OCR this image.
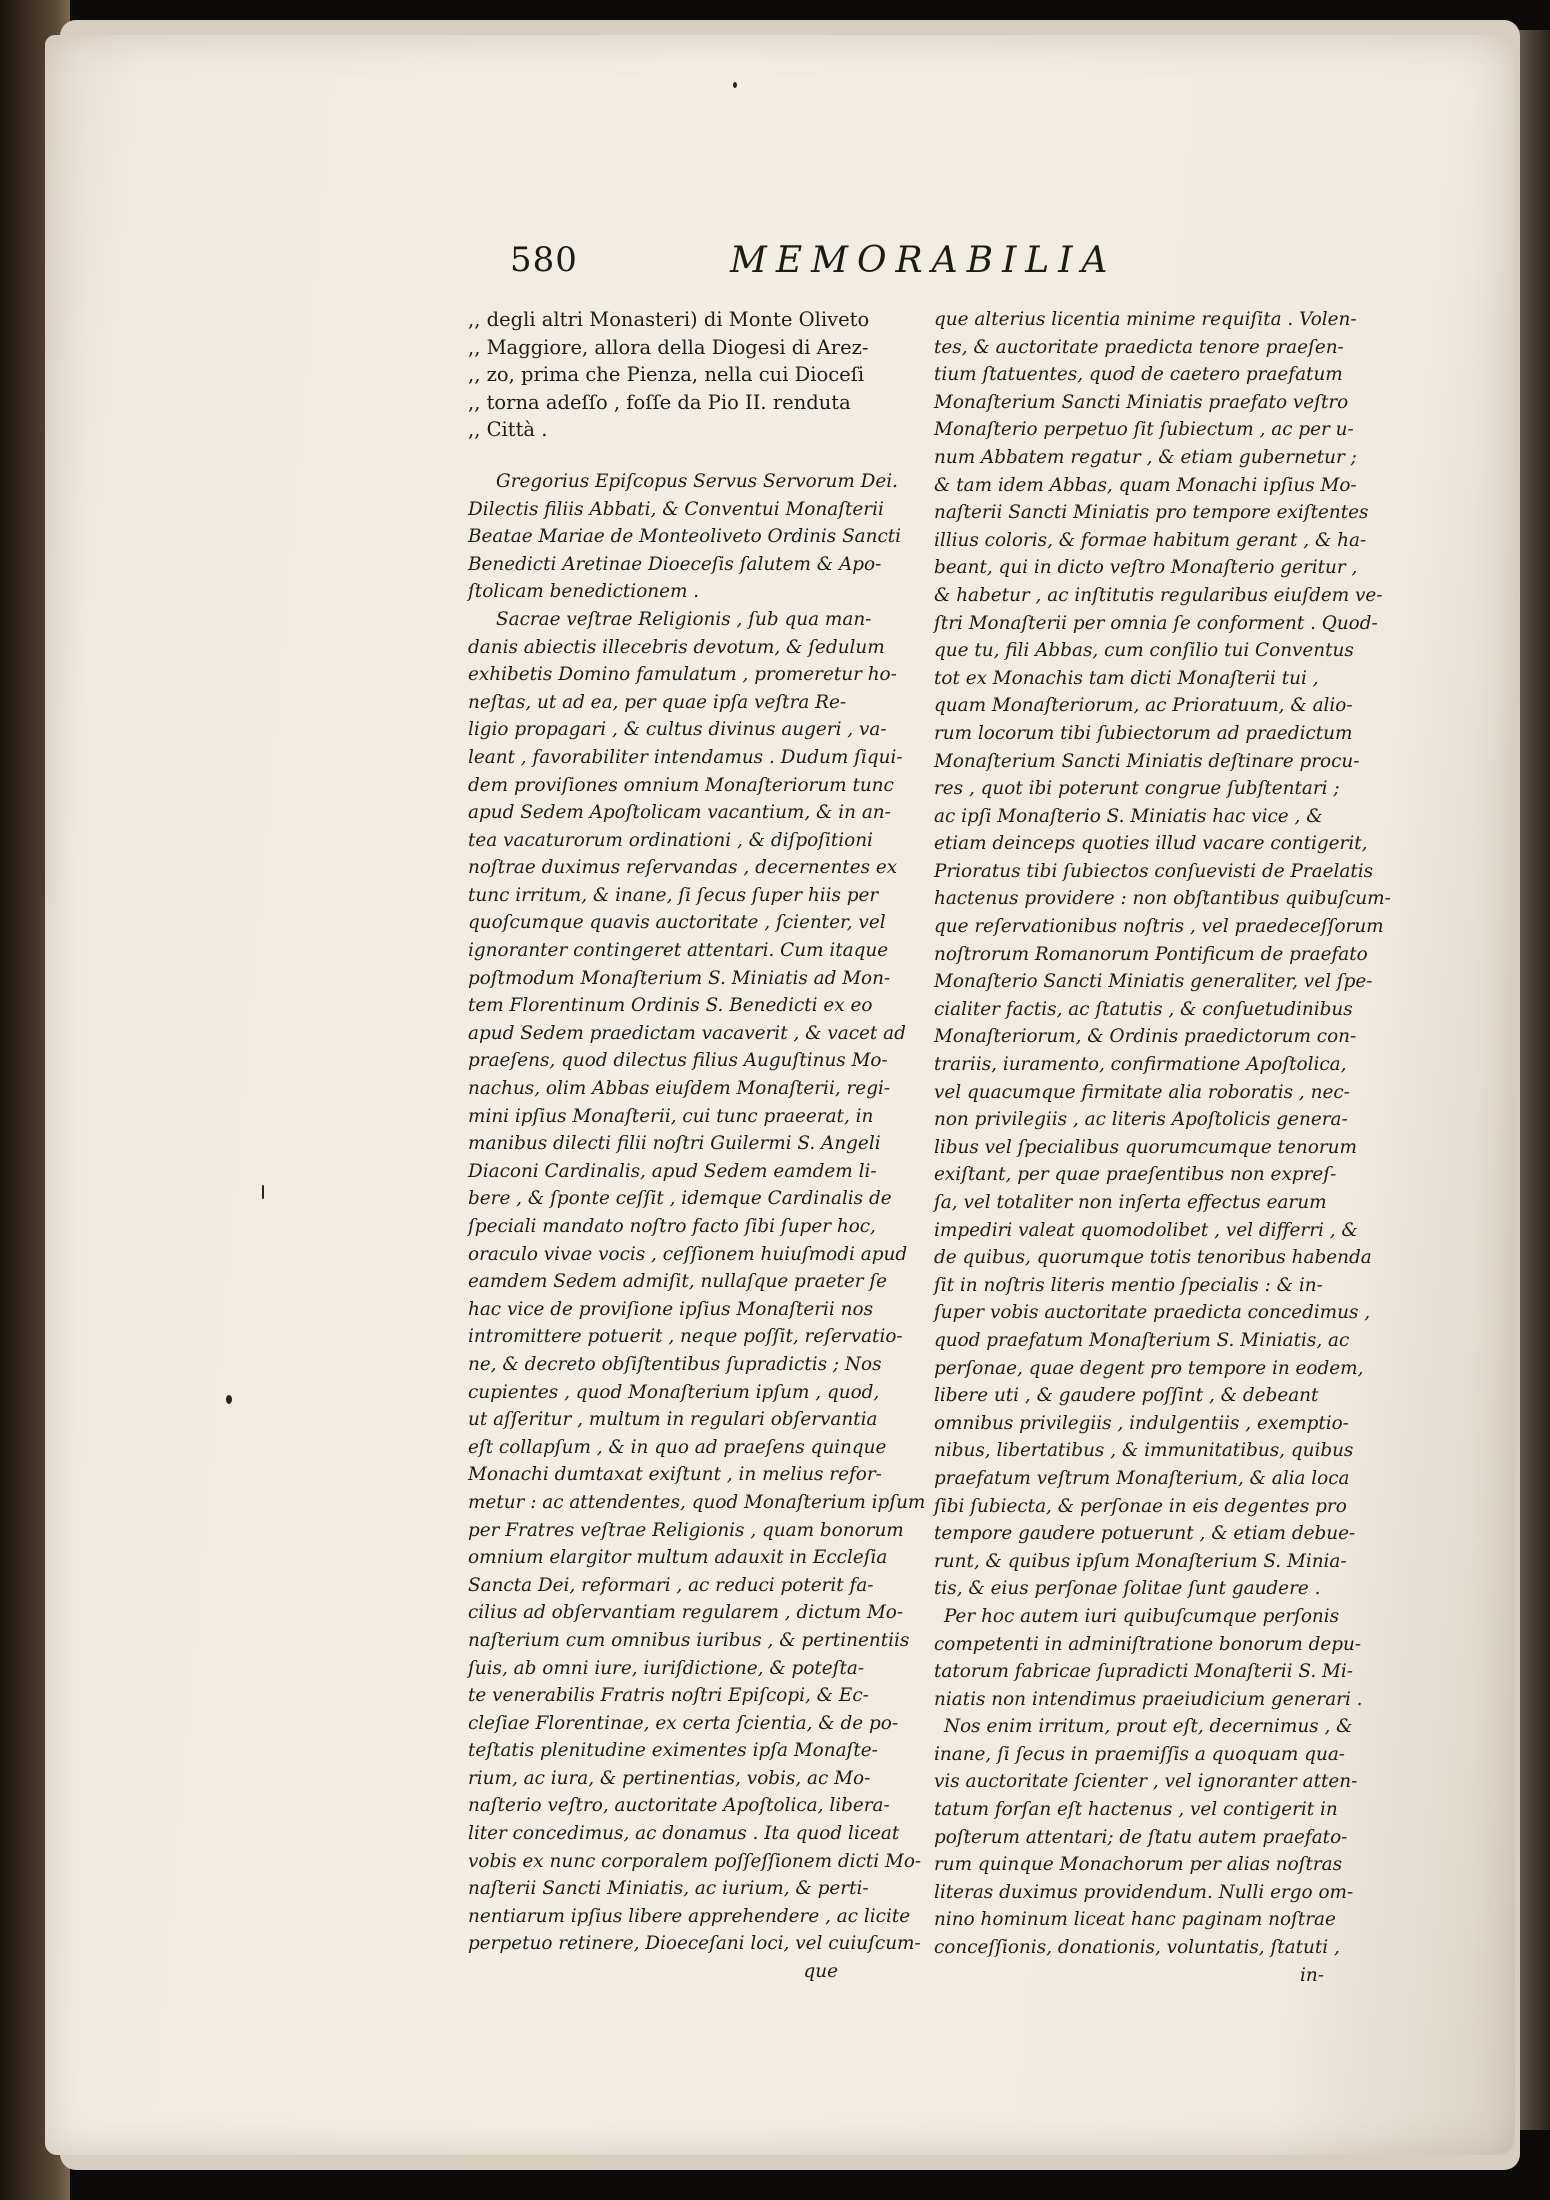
580	MEMORABILIA
,, degli altri Monasteri) di Monte Oliveto
,, Maggiore, allora della Diogesi di Arez-
,, zo, prima che Pienza, nella cui Dioceſi
,, torna adeſſo , foſſe da Pio II. renduta
,, Città .
Gregorius Epiſcopus Servus Servorum Dei.
Dilectis filiis Abbati, & Conventui Monaſterii
Beatae Mariae de Monteoliveto Ordinis Sancti
Benedicti Aretinae Dioeceſis ſalutem & Apo-
ſtolicam benedictionem .
Sacrae veſtrae Religionis , ſub qua man-
danis abiectis illecebris devotum, & ſedulum
exhibetis Domino famulatum , promeretur ho-
neſtas, ut ad ea, per quae ipſa veſtra Re-
ligio propagari , & cultus divinus augeri , va-
leant , favorabiliter intendamus . Dudum ſiqui-
dem proviſiones omnium Monaſteriorum tunc
apud Sedem Apoſtolicam vacantium, & in an-
tea vacaturorum ordinationi , & diſpoſitioni
noſtrae duximus reſervandas , decernentes ex
tunc irritum, & inane, ſi ſecus ſuper hiis per
quoſcumque quavis auctoritate , ſcienter, vel
ignoranter contingeret attentari. Cum itaque
poſtmodum Monaſterium S. Miniatis ad Mon-
tem Florentinum Ordinis S. Benedicti ex eo
apud Sedem praedictam vacaverit , & vacet ad
praeſens, quod dilectus filius Auguſtinus Mo-
nachus, olim Abbas eiuſdem Monaſterii, regi-
mini ipſius Monaſterii, cui tunc praeerat, in
manibus dilecti filii noſtri Guilermi S. Angeli
Diaconi Cardinalis, apud Sedem eamdem li-
bere , & ſponte ceſſit , idemque Cardinalis de
ſpeciali mandato noſtro facto ſibi ſuper hoc,
oraculo vivae vocis , ceſſionem huiuſmodi apud
eamdem Sedem admiſit, nullaſque praeter ſe
hac vice de proviſione ipſius Monaſterii nos
intromittere potuerit , neque poſſit, reſervatio-
ne, & decreto obſiſtentibus ſupradictis ; Nos
cupientes , quod Monaſterium ipſum , quod,
ut aſſeritur , multum in regulari obſervantia
eſt collapſum , & in quo ad praeſens quinque
Monachi dumtaxat exiſtunt , in melius refor-
metur : ac attendentes, quod Monaſterium ipſum
per Fratres veſtrae Religionis , quam bonorum
omnium elargitor multum adauxit in Eccleſia
Sancta Dei, reformari , ac reduci poterit fa-
cilius ad obſervantiam regularem , dictum Mo-
naſterium cum omnibus iuribus , & pertinentiis
ſuis, ab omni iure, iuriſdictione, & poteſta-
te venerabilis Fratris noſtri Epiſcopi, & Ec-
cleſiae Florentinae, ex certa ſcientia, & de po-
teſtatis plenitudine eximentes ipſa Monaſte-
rium, ac iura, & pertinentias, vobis, ac Mo-
naſterio veſtro, auctoritate Apoſtolica, libera-
liter concedimus, ac donamus . Ita quod liceat
vobis ex nunc corporalem poſſeſſionem dicti Mo-
naſterii Sancti Miniatis, ac iurium, & perti-
nentiarum ipſius libere apprehendere , ac licite
perpetuo retinere, Dioeceſani loci, vel cuiuſcum-
que
que alterius licentia minime requiſita . Volen-
tes, & auctoritate praedicta tenore praeſen-
tium ſtatuentes, quod de caetero praefatum
Monaſterium Sancti Miniatis praefato veſtro
Monaſterio perpetuo ſit ſubiectum , ac per u-
num Abbatem regatur , & etiam gubernetur ;
& tam idem Abbas, quam Monachi ipſius Mo-
naſterii Sancti Miniatis pro tempore exiſtentes
illius coloris, & formae habitum gerant , & ha-
beant, qui in dicto veſtro Monaſterio geritur ,
& habetur , ac inſtitutis regularibus eiuſdem ve-
ſtri Monaſterii per omnia ſe conforment . Quod-
que tu, fili Abbas, cum conſilio tui Conventus
tot ex Monachis tam dicti Monaſterii tui ,
quam Monaſteriorum, ac Prioratuum, & alio-
rum locorum tibi ſubiectorum ad praedictum
Monaſterium Sancti Miniatis deſtinare procu-
res , quot ibi poterunt congrue ſubſtentari ;
ac ipſi Monaſterio S. Miniatis hac vice , &
etiam deinceps quoties illud vacare contigerit,
Prioratus tibi ſubiectos conſuevisti de Praelatis
hactenus providere : non obſtantibus quibuſcum-
que reſervationibus noſtris , vel praedeceſſorum
noſtrorum Romanorum Pontificum de praefato
Monaſterio Sancti Miniatis generaliter, vel ſpe-
cialiter factis, ac ſtatutis , & conſuetudinibus
Monaſteriorum, & Ordinis praedictorum con-
trariis, iuramento, confirmatione Apoſtolica,
vel quacumque firmitate alia roboratis , nec-
non privilegiis , ac literis Apoſtolicis genera-
libus vel ſpecialibus quorumcumque tenorum
exiſtant, per quae praeſentibus non expreſ-
ſa, vel totaliter non inſerta effectus earum
impediri valeat quomodolibet , vel differri , &
de quibus, quorumque totis tenoribus habenda
ſit in noſtris literis mentio ſpecialis : & in-
ſuper vobis auctoritate praedicta concedimus ,
quod praefatum Monaſterium S. Miniatis, ac
perſonae, quae degent pro tempore in eodem,
libere uti , & gaudere poſſint , & debeant
omnibus privilegiis , indulgentiis , exemptio-
nibus, libertatibus , & immunitatibus, quibus
praefatum veſtrum Monaſterium, & alia loca
ſibi ſubiecta, & perſonae in eis degentes pro
tempore gaudere potuerunt , & etiam debue-
runt, & quibus ipſum Monaſterium S. Minia-
tis, & eius perſonae ſolitae ſunt gaudere .
Per hoc autem iuri quibuſcumque perſonis
competenti in adminiſtratione bonorum depu-
tatorum fabricae ſupradicti Monaſterii S. Mi-
niatis non intendimus praeiudicium generari .
Nos enim irritum, prout eſt, decernimus , &
inane, ſi ſecus in praemiſſis a quoquam qua-
vis auctoritate ſcienter , vel ignoranter atten-
tatum forſan eſt hactenus , vel contigerit in
poſterum attentari; de ſtatu autem praefato-
rum quinque Monachorum per alias noſtras
literas duximus providendum. Nulli ergo om-
nino hominum liceat hanc paginam noſtrae
conceſſionis, donationis, voluntatis, ſtatuti ,
in-
